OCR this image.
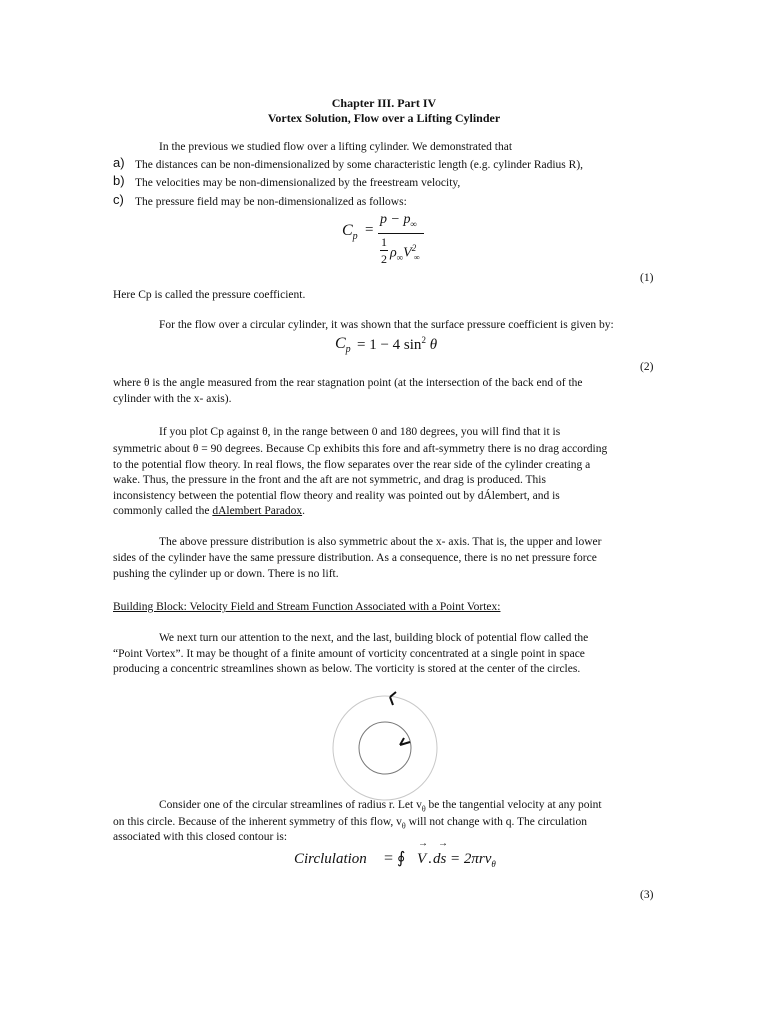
Chapter III. Part IV
Vortex Solution, Flow over a Lifting Cylinder
In the previous we studied flow over a lifting cylinder. We demonstrated that
a) The distances can be non-dimensionalized by some characteristic length (e.g. cylinder Radius R),
b) The velocities may be non-dimensionalized by the freestream velocity,
c) The pressure field may be non-dimensionalized as follows:
$C_p$ =
$p - p_\infty$
1
2 $\rho_\infty V^2$
∞
(1)
Here Cp is called the pressure coefficient.
For the flow over a circular cylinder, it was shown that the surface pressure coefficient is given by:
$C_p = 1 - 4$ $\sin^2 \theta$
(2)
where θ is the angle measured from the rear stagnation point (at the intersection of the back end of the
cylinder with the x- axis).
If you plot Cp against θ, in the range between 0 and 180 degrees, you will find that it is
symmetric about θ = 90 degrees. Because Cp exhibits this fore and aft-symmetry there is no drag according
to the potential flow theory. In real flows, the flow separates over the rear side of the cylinder creating a
wake. Thus, the pressure in the front and the aft are not symmetric, and drag is produced. This
inconsistency between the potential flow theory and reality was pointed out by dÁlembert, and is
commonly called the dAlembert Paradox.
The above pressure distribution is also symmetric about the x- axis. That is, the upper and lower
sides of the cylinder have the same pressure distribution. As a consequence, there is no net pressure force
pushing the cylinder up or down. There is no lift.
Building Block: Velocity Field and Stream Function Associated with a Point Vortex:
We next turn our attention to the next, and the last, building block of potential flow called the
“Point Vortex”. It may be thought of a finite amount of vorticity concentrated at a single point in space
producing a concentric streamlines shown as below. The vorticity is stored at the center of the circles.
Consider one of the circular streamlines of radius r. Let $v_\theta$ be the tangential velocity at any point
on this circle. Because of the inherent symmetry of this flow, $v_\theta$ will not change with q. The circulation
associated with this closed contour is:
Circlulation = ∮ V
→
. ds
→
= 2πrv$_\theta$
(3)
